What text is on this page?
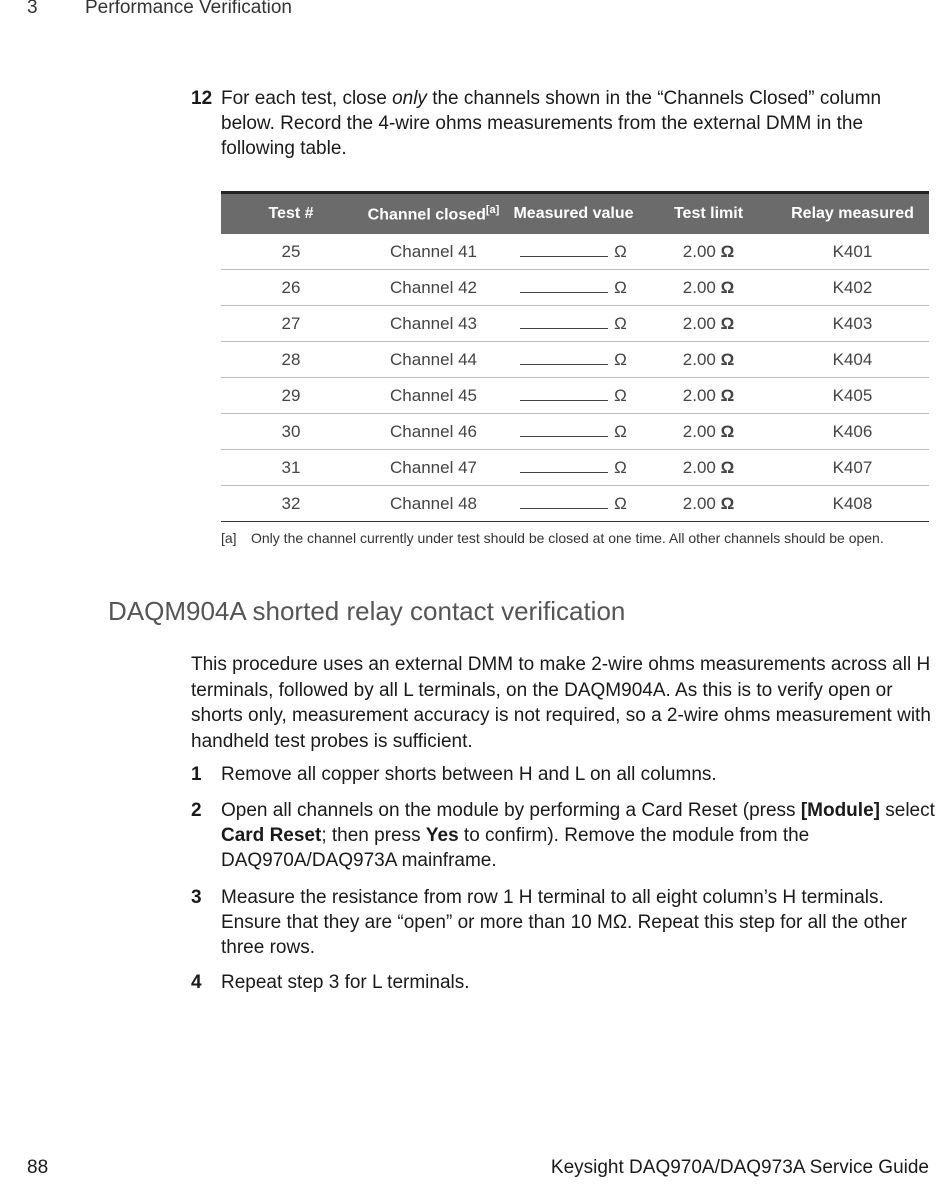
3 Performance Verification
12 For each test, close only the channels shown in the “Channels Closed” column below. Record the 4-wire ohms measurements from the external DMM in the following table.
Test #	Channel closed[a]	Measured value	Test limit	Relay measured
25	Channel 41	Ω	2.00 Ω	K401
26	Channel 42	Ω	2.00 Ω	K402
27	Channel 43	Ω	2.00 Ω	K403
28	Channel 44	Ω	2.00 Ω	K404
29	Channel 45	Ω	2.00 Ω	K405
30	Channel 46	Ω	2.00 Ω	K406
31	Channel 47	Ω	2.00 Ω	K407
32	Channel 48	Ω	2.00 Ω	K408
[a] Only the channel currently under test should be closed at one time. All other channels should be open.
DAQM904A shorted relay contact verification
This procedure uses an external DMM to make 2-wire ohms measurements across all H terminals, followed by all L terminals, on the DAQM904A. As this is to verify open or shorts only, measurement accuracy is not required, so a 2-wire ohms measurement with handheld test probes is sufficient.
1 Remove all copper shorts between H and L on all columns.
2 Open all channels on the module by performing a Card Reset (press [Module] select Card Reset; then press Yes to confirm). Remove the module from the DAQ970A/DAQ973A mainframe.
3 Measure the resistance from row 1 H terminal to all eight column’s H terminals. Ensure that they are “open” or more than 10 MΩ. Repeat this step for all the other three rows.
4 Repeat step 3 for L terminals.
88	Keysight DAQ970A/DAQ973A Service Guide
